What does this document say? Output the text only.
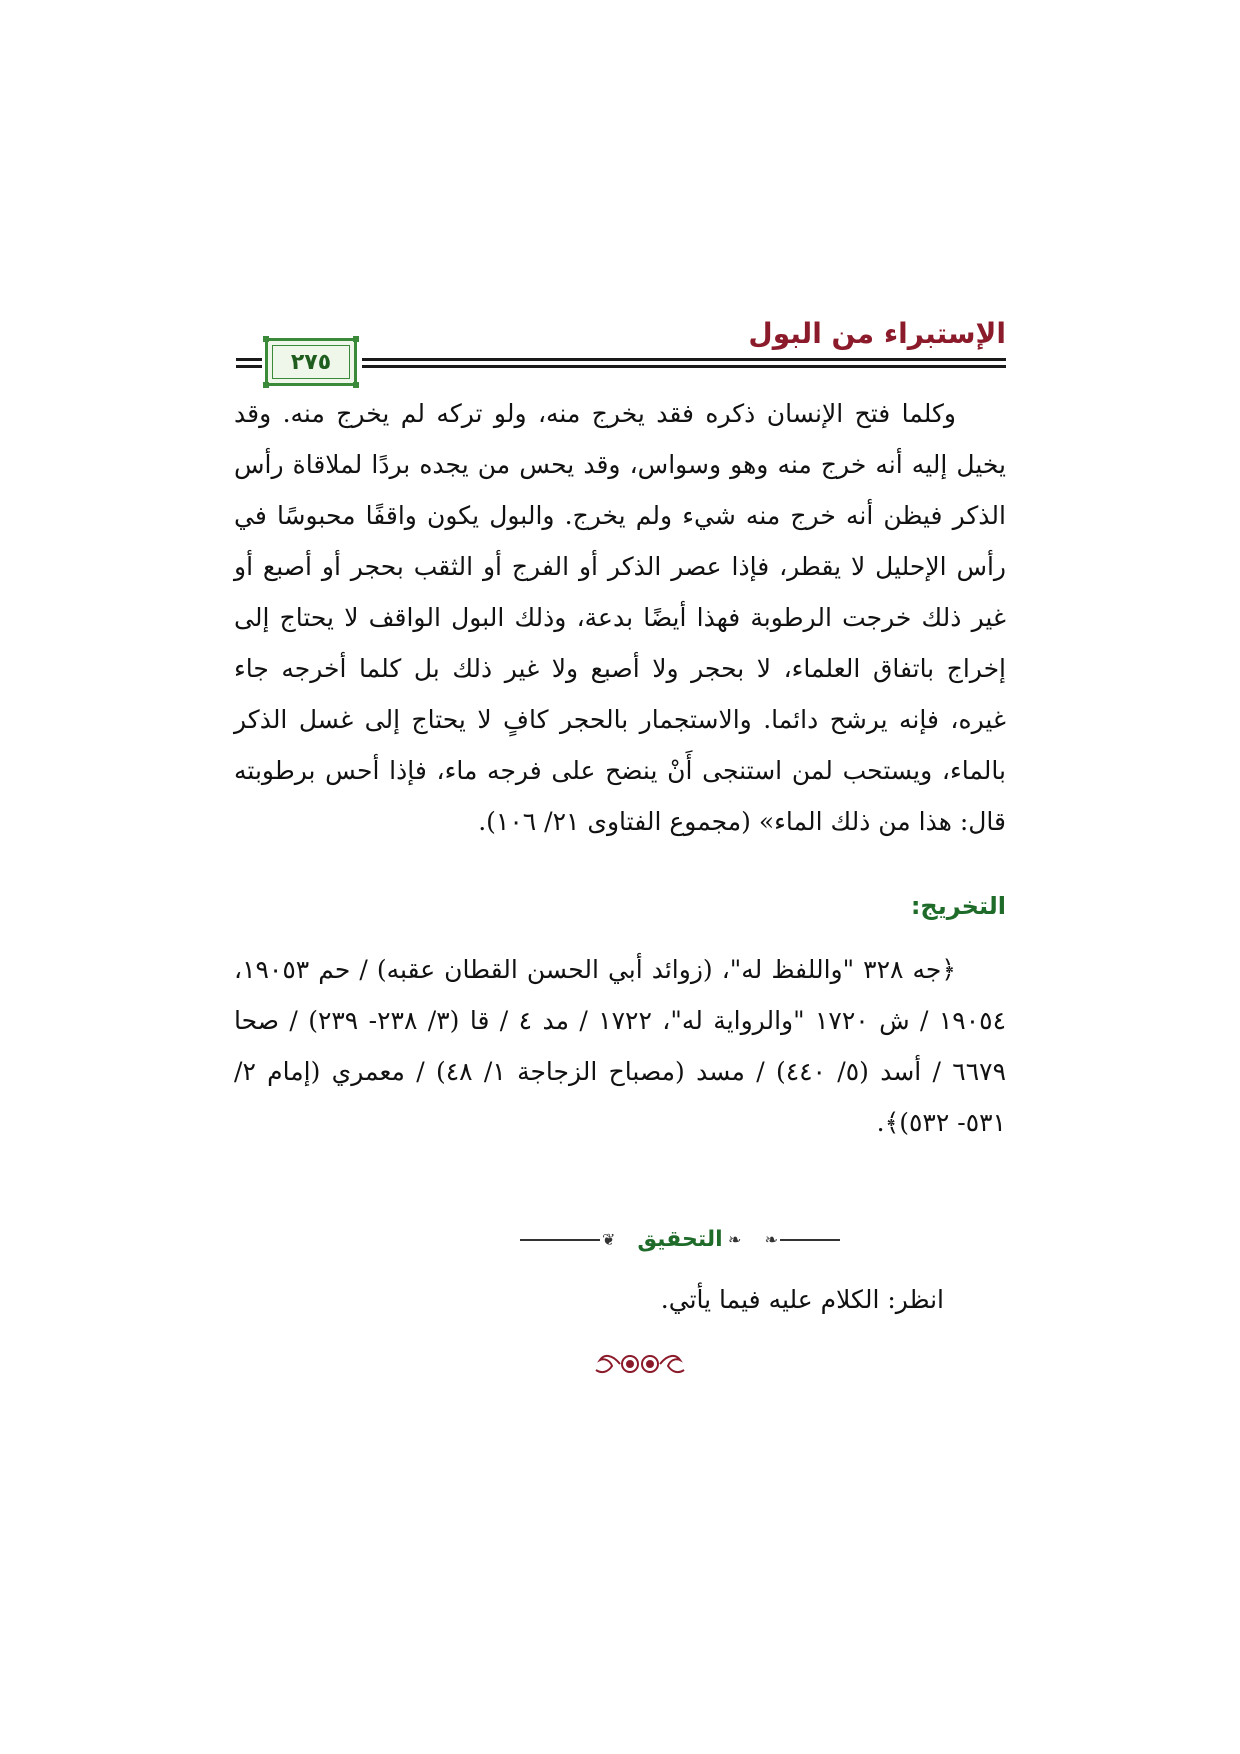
الإستبراء من البول
٢٧٥

وكلما فتح الإنسان ذكره فقد يخرج منه، ولو تركه لم يخرج منه. وقد يخيل إليه أنه خرج منه وهو وسواس، وقد يحس من يجده بردًا لملاقاة رأس الذكر فيظن أنه خرج منه شيء ولم يخرج. والبول يكون واقفًا محبوسًا في رأس الإحليل لا يقطر، فإذا عصر الذكر أو الفرج أو الثقب بحجر أو أصبع أو غير ذلك خرجت الرطوبة فهذا أيضًا بدعة، وذلك البول الواقف لا يحتاج إلى إخراج باتفاق العلماء، لا بحجر ولا أصبع ولا غير ذلك بل كلما أخرجه جاء غيره، فإنه يرشح دائما. والاستجمار بالحجر كافٍ لا يحتاج إلى غسل الذكر بالماء، ويستحب لمن استنجى أَنْ ينضح على فرجه ماء، فإذا أحس برطوبته قال: هذا من ذلك الماء» (مجموع الفتاوى ٢١/ ١٠٦).

التخريج:

﴿جه ٣٢٨ "واللفظ له"، (زوائد أبي الحسن القطان عقبه) / حم ١٩٠٥٣، ١٩٠٥٤ / ش ١٧٢٠ "والرواية له"، ١٧٢٢ / مد ٤ / قا (٣/ ٢٣٨- ٢٣٩) / صحا ٦٦٧٩ / أسد (٥/ ٤٤٠) / مسد (مصباح الزجاجة ١/ ٤٨) / معمري (إمام ٢/ ٥٣١- ٥٣٢)﴾.

❦	❧
التحقيق	❧
انظر: الكلام عليه فيما يأتي.
